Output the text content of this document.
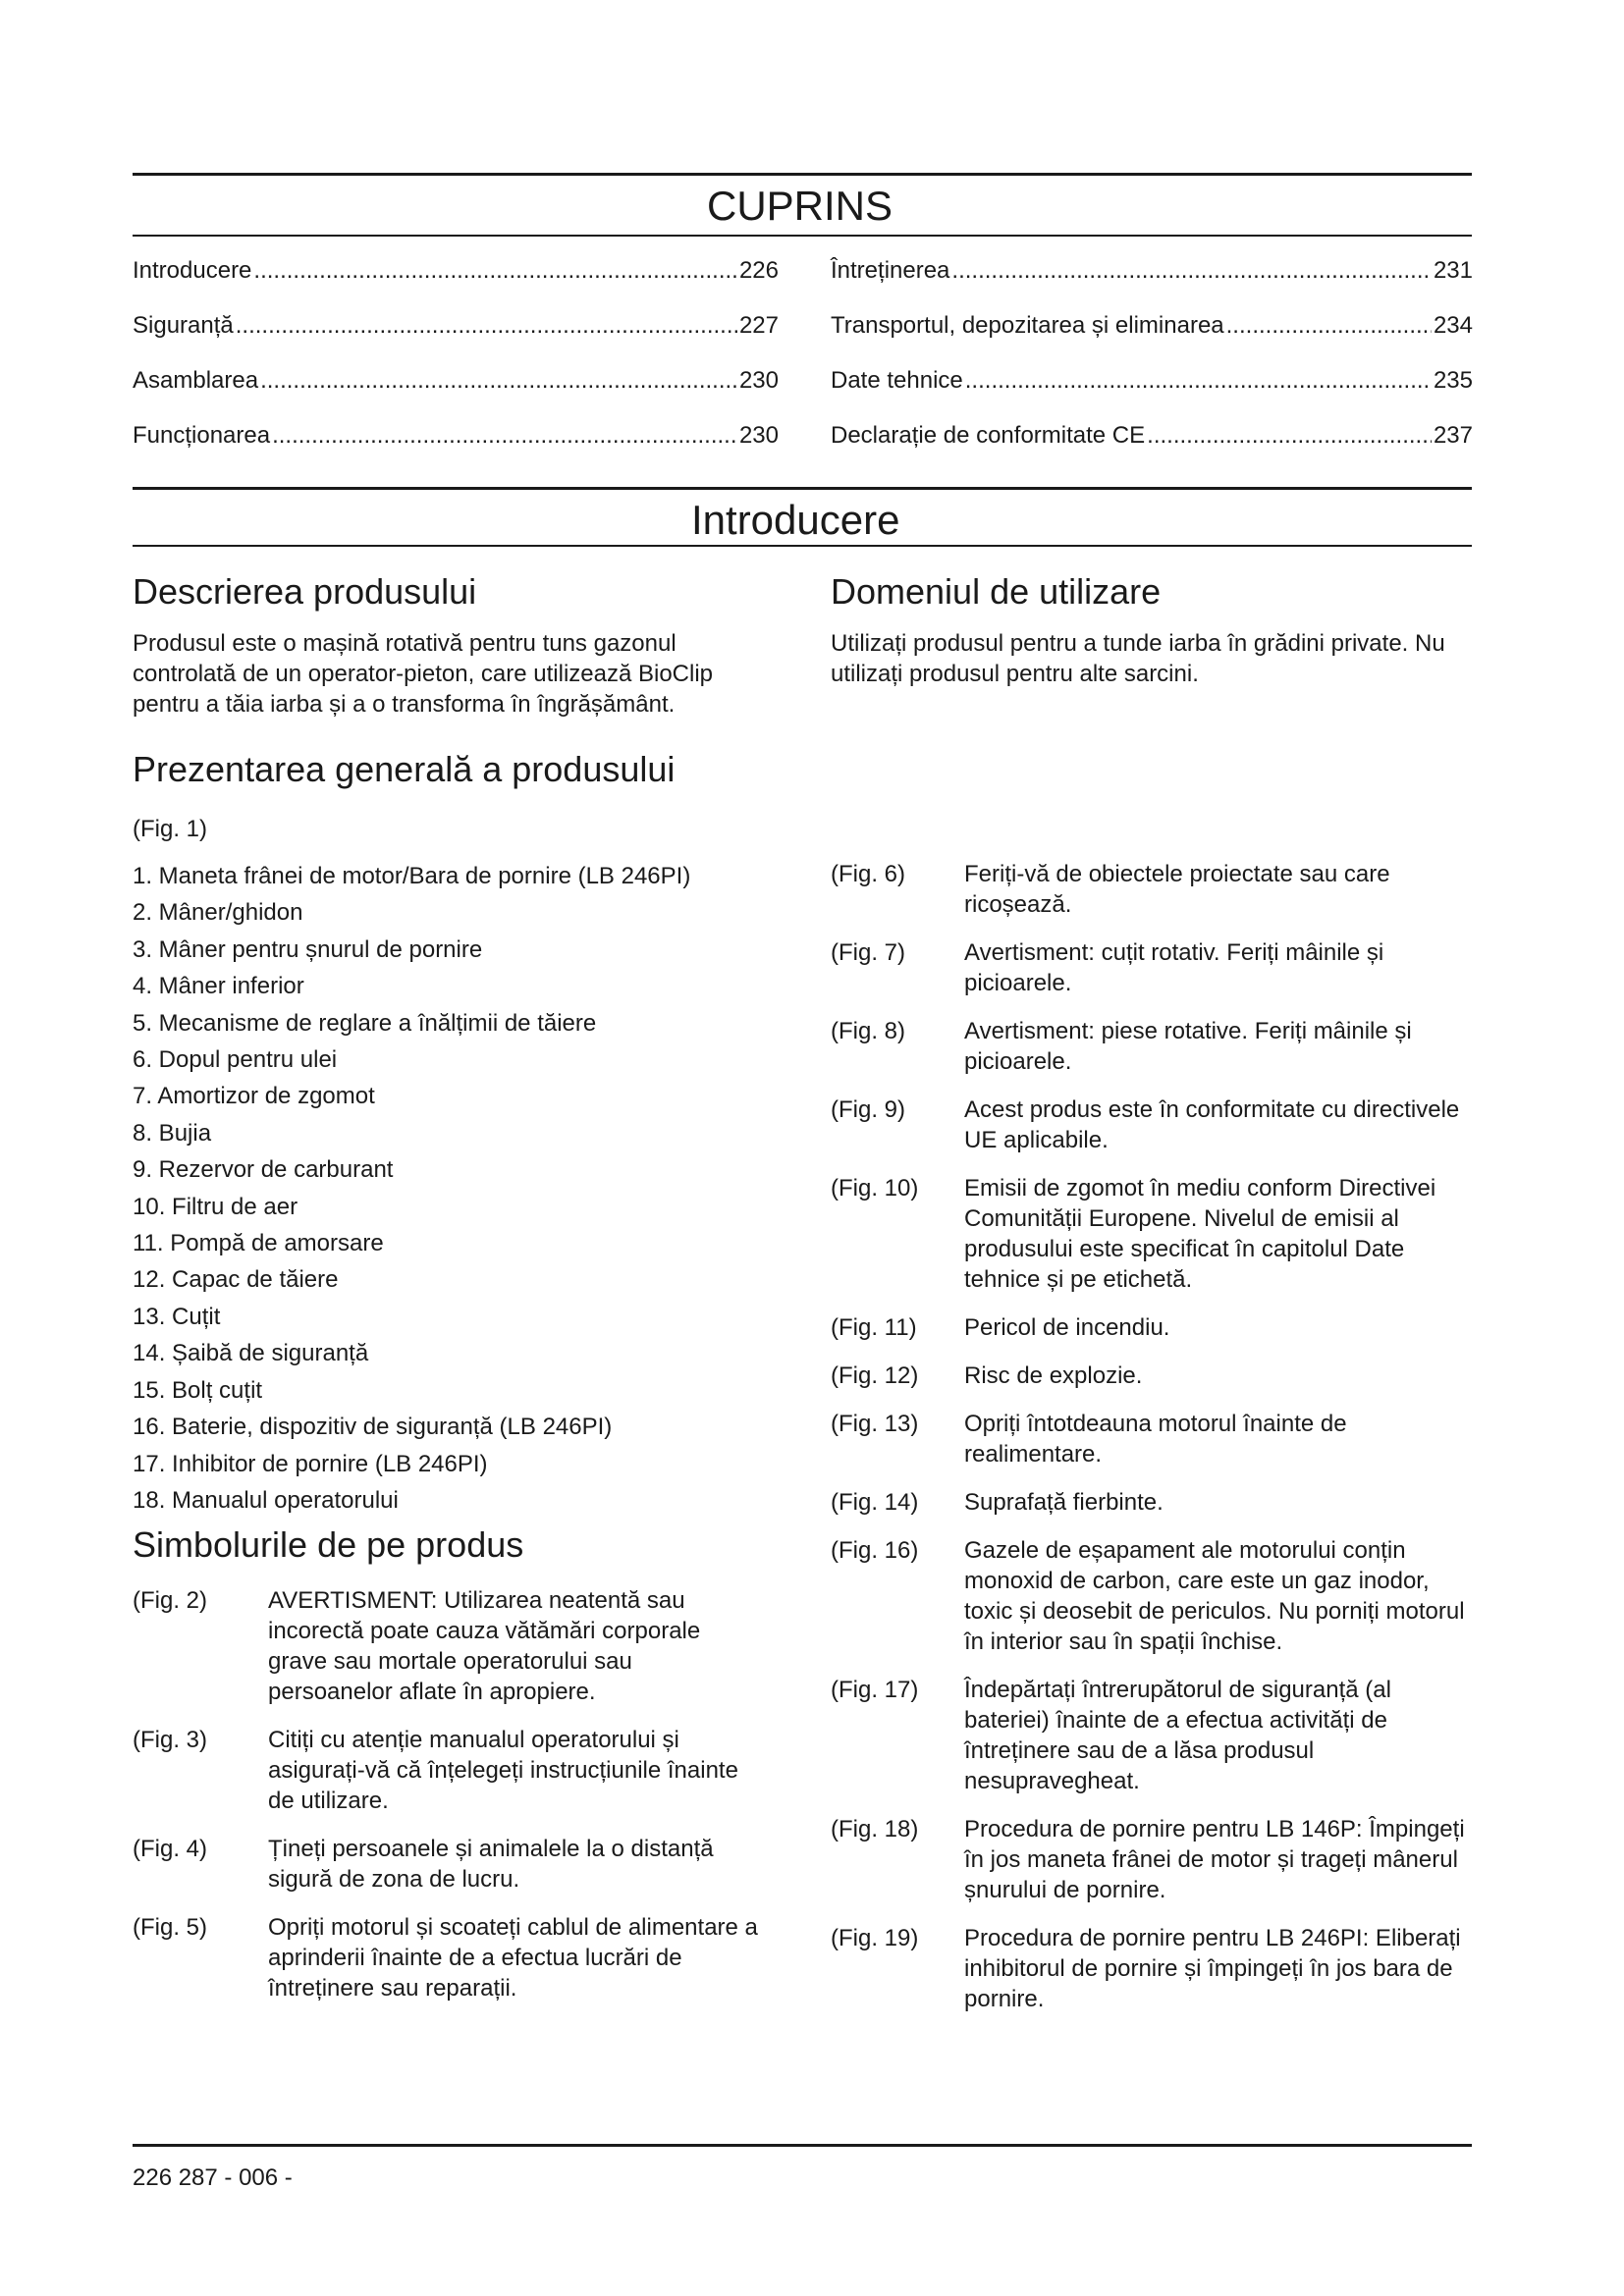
CUPRINS
Introducere .....	226
Siguranță .....	227
Asamblarea .....	230
Funcționarea .....	230
Întreținerea .....	231
Transportul, depozitarea și eliminarea .....	234
Date tehnice .....	235
Declarație de conformitate CE .....	237
Introducere
Descrierea produsului

Produsul este o mașină rotativă pentru tuns gazonul controlată de un operator-pieton, care utilizează BioClip pentru a tăia iarba și a o transforma în îngrășământ.

Domeniul de utilizare

Utilizați produsul pentru a tunde iarba în grădini private. Nu utilizați produsul pentru alte sarcini.

Prezentarea generală a produsului

(Fig. 1)

1. Maneta frânei de motor/Bara de pornire (LB 246PI)
2. Mâner/ghidon
3. Mâner pentru șnurul de pornire
4. Mâner inferior
5. Mecanisme de reglare a înălțimii de tăiere
6. Dopul pentru ulei
7. Amortizor de zgomot
8. Bujia
9. Rezervor de carburant
10. Filtru de aer
11. Pompă de amorsare
12. Capac de tăiere
13. Cuțit
14. Șaibă de siguranță
15. Bolț cuțit
16. Baterie, dispozitiv de siguranță (LB 246PI)
17. Inhibitor de pornire (LB 246PI)
18. Manualul operatorului
Simbolurile de pe produs
(Fig. 2)	AVERTISMENT: Utilizarea neatentă sau incorectă poate cauza vătămări corporale grave sau mortale operatorului sau persoanelor aflate în apropiere.
(Fig. 3)	Citiți cu atenție manualul operatorului și asigurați-vă că înțelegeți instrucțiunile înainte de utilizare.
(Fig. 4)	Țineți persoanele și animalele la o distanță sigură de zona de lucru.
(Fig. 5)	Opriți motorul și scoateți cablul de alimentare a aprinderii înainte de a efectua lucrări de întreținere sau reparații.
(Fig. 6)	Feriți-vă de obiectele proiectate sau care ricoșează.
(Fig. 7)	Avertisment: cuțit rotativ. Feriți mâinile și picioarele.
(Fig. 8)	Avertisment: piese rotative. Feriți mâinile și picioarele.
(Fig. 9)	Acest produs este în conformitate cu directivele UE aplicabile.
(Fig. 10)	Emisii de zgomot în mediu conform Directivei Comunității Europene. Nivelul de emisii al produsului este specificat în capitolul Date tehnice și pe etichetă.
(Fig. 11)	Pericol de incendiu.
(Fig. 12)	Risc de explozie.
(Fig. 13)	Opriți întotdeauna motorul înainte de realimentare.
(Fig. 14)	Suprafață fierbinte.
(Fig. 16)	Gazele de eșapament ale motorului conțin monoxid de carbon, care este un gaz inodor, toxic și deosebit de periculos. Nu porniți motorul în interior sau în spații închise.
(Fig. 17)	Îndepărtați întrerupătorul de siguranță (al bateriei) înainte de a efectua activități de întreținere sau de a lăsa produsul nesupravegheat.
(Fig. 18)	Procedura de pornire pentru LB 146P: Împingeți în jos maneta frânei de motor și trageți mânerul șnurului de pornire.
(Fig. 19)	Procedura de pornire pentru LB 246PI: Eliberați inhibitorul de pornire și împingeți în jos bara de pornire.
226 287 - 006 -
